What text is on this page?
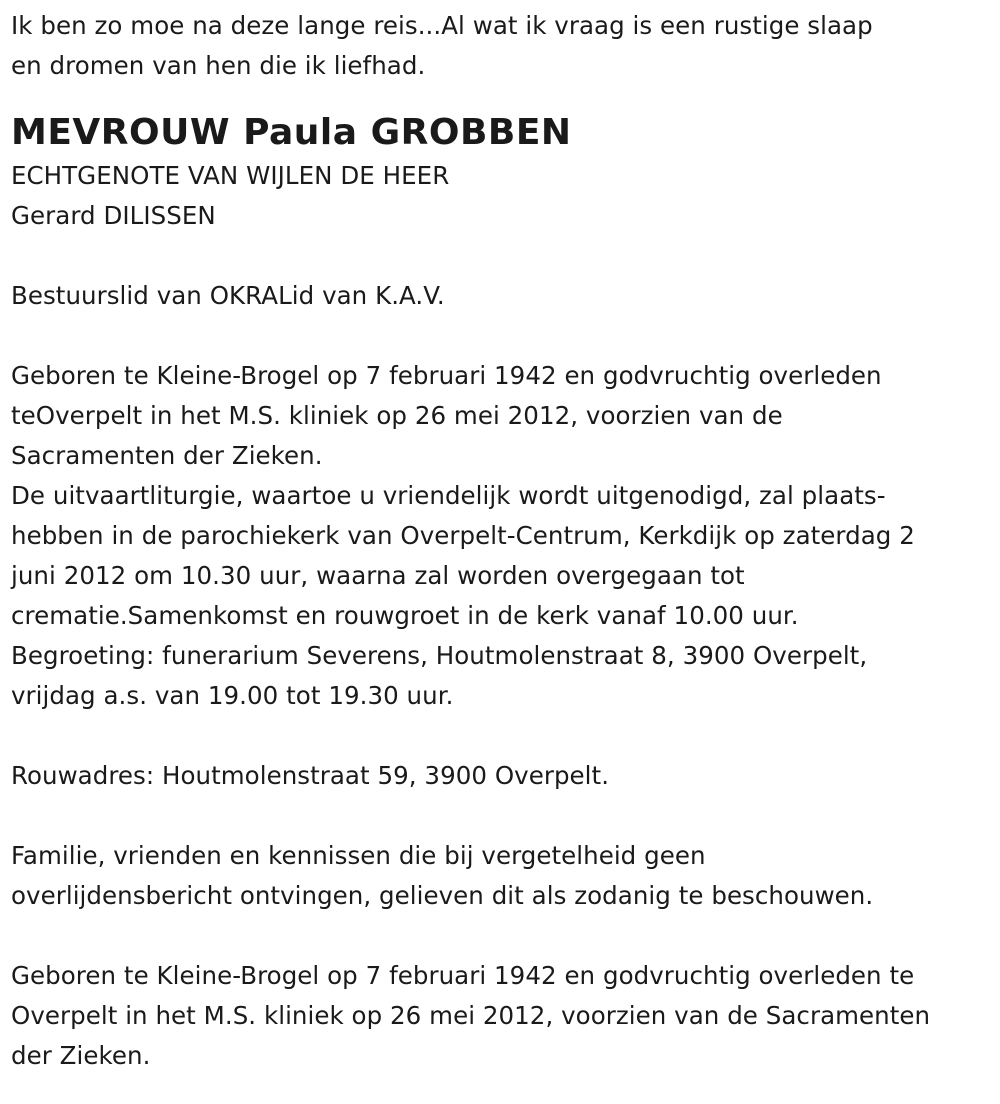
Ik ben zo moe na deze lange reis...Al wat ik vraag is een rustige slaap
en dromen van hen die ik liefhad.
MEVROUW Paula GROBBEN
ECHTGENOTE VAN WIJLEN DE HEER
Gerard DILISSEN
Bestuurslid van OKRALid van K.A.V.
Geboren te Kleine-Brogel op 7 februari 1942 en godvruchtig overleden
teOverpelt in het M.S. kliniek op 26 mei 2012, voorzien van de
Sacramenten der Zieken.
De uitvaartliturgie, waartoe u vriendelijk wordt uitgenodigd, zal plaats-
hebben in de parochiekerk van Overpelt-Centrum, Kerkdijk op zaterdag 2
juni 2012 om 10.30 uur, waarna zal worden overgegaan tot
crematie.Samenkomst en rouwgroet in de kerk vanaf 10.00 uur.
Begroeting: funerarium Severens, Houtmolenstraat 8, 3900 Overpelt,
vrijdag a.s. van 19.00 tot 19.30 uur.
Rouwadres: Houtmolenstraat 59, 3900 Overpelt.
Familie, vrienden en kennissen die bij vergetelheid geen
overlijdensbericht ontvingen, gelieven dit als zodanig te beschouwen.
Geboren te Kleine-Brogel op 7 februari 1942 en godvruchtig overleden te
Overpelt in het M.S. kliniek op 26 mei 2012, voorzien van de Sacramenten
der Zieken.
